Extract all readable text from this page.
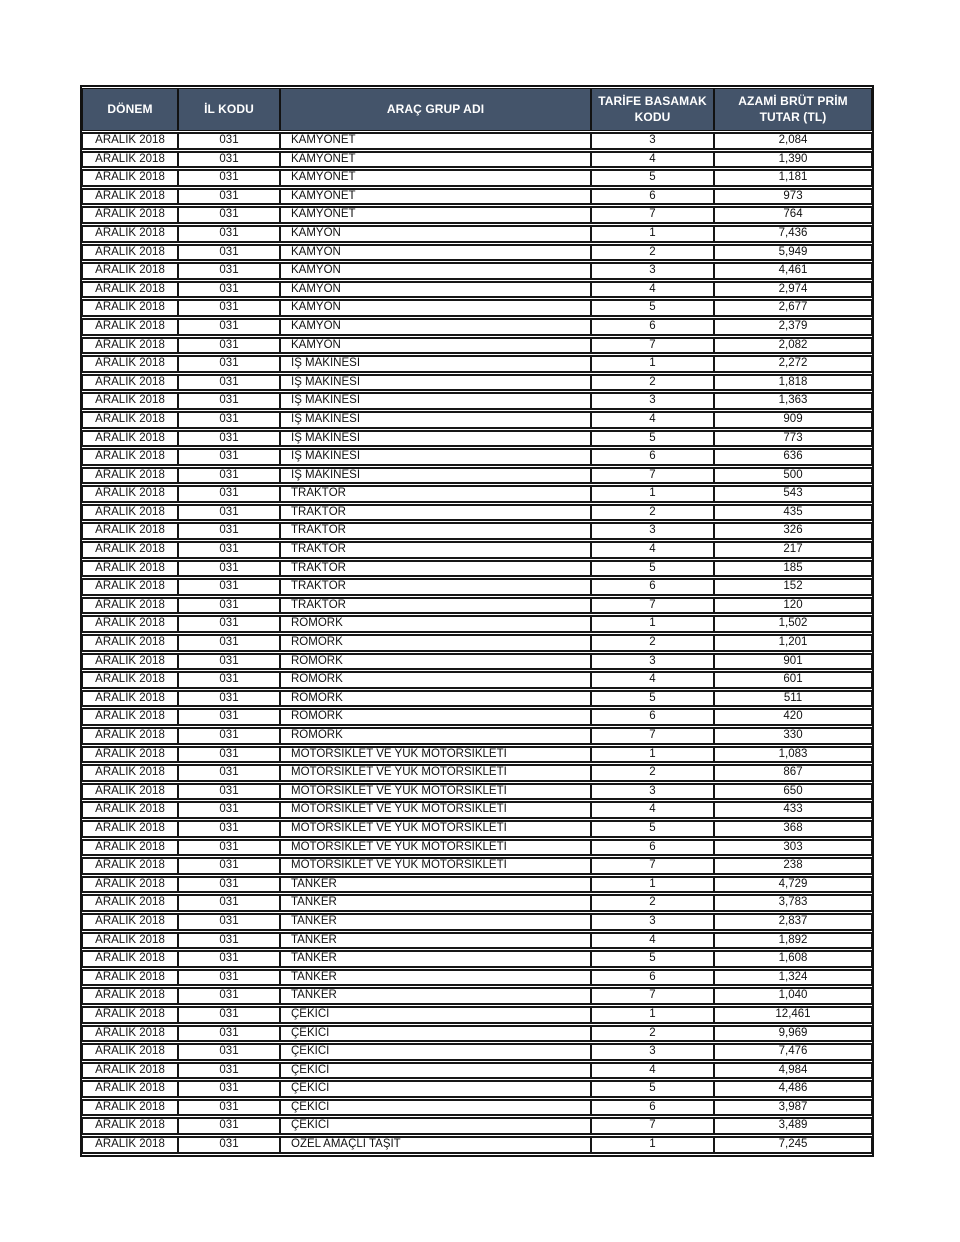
DÖNEM	İL KODU	ARAÇ GRUP ADI	TARİFE BASAMAK KODU	AZAMİ BRÜT PRİM TUTAR (TL)
ARALIK 2018	031	KAMYONET	3	2,084
ARALIK 2018	031	KAMYONET	4	1,390
ARALIK 2018	031	KAMYONET	5	1,181
ARALIK 2018	031	KAMYONET	6	973
ARALIK 2018	031	KAMYONET	7	764
ARALIK 2018	031	KAMYON	1	7,436
ARALIK 2018	031	KAMYON	2	5,949
ARALIK 2018	031	KAMYON	3	4,461
ARALIK 2018	031	KAMYON	4	2,974
ARALIK 2018	031	KAMYON	5	2,677
ARALIK 2018	031	KAMYON	6	2,379
ARALIK 2018	031	KAMYON	7	2,082
ARALIK 2018	031	İŞ MAKİNESİ	1	2,272
ARALIK 2018	031	İŞ MAKİNESİ	2	1,818
ARALIK 2018	031	İŞ MAKİNESİ	3	1,363
ARALIK 2018	031	İŞ MAKİNESİ	4	909
ARALIK 2018	031	İŞ MAKİNESİ	5	773
ARALIK 2018	031	İŞ MAKİNESİ	6	636
ARALIK 2018	031	İŞ MAKİNESİ	7	500
ARALIK 2018	031	TRAKTÖR	1	543
ARALIK 2018	031	TRAKTÖR	2	435
ARALIK 2018	031	TRAKTÖR	3	326
ARALIK 2018	031	TRAKTÖR	4	217
ARALIK 2018	031	TRAKTÖR	5	185
ARALIK 2018	031	TRAKTÖR	6	152
ARALIK 2018	031	TRAKTÖR	7	120
ARALIK 2018	031	RÖMORK	1	1,502
ARALIK 2018	031	RÖMORK	2	1,201
ARALIK 2018	031	RÖMORK	3	901
ARALIK 2018	031	RÖMORK	4	601
ARALIK 2018	031	RÖMORK	5	511
ARALIK 2018	031	RÖMORK	6	420
ARALIK 2018	031	RÖMORK	7	330
ARALIK 2018	031	MOTORSİKLET VE YÜK MOTORSİKLETİ	1	1,083
ARALIK 2018	031	MOTORSİKLET VE YÜK MOTORSİKLETİ	2	867
ARALIK 2018	031	MOTORSİKLET VE YÜK MOTORSİKLETİ	3	650
ARALIK 2018	031	MOTORSİKLET VE YÜK MOTORSİKLETİ	4	433
ARALIK 2018	031	MOTORSİKLET VE YÜK MOTORSİKLETİ	5	368
ARALIK 2018	031	MOTORSİKLET VE YÜK MOTORSİKLETİ	6	303
ARALIK 2018	031	MOTORSİKLET VE YÜK MOTORSİKLETİ	7	238
ARALIK 2018	031	TANKER	1	4,729
ARALIK 2018	031	TANKER	2	3,783
ARALIK 2018	031	TANKER	3	2,837
ARALIK 2018	031	TANKER	4	1,892
ARALIK 2018	031	TANKER	5	1,608
ARALIK 2018	031	TANKER	6	1,324
ARALIK 2018	031	TANKER	7	1,040
ARALIK 2018	031	ÇEKİCİ	1	12,461
ARALIK 2018	031	ÇEKİCİ	2	9,969
ARALIK 2018	031	ÇEKİCİ	3	7,476
ARALIK 2018	031	ÇEKİCİ	4	4,984
ARALIK 2018	031	ÇEKİCİ	5	4,486
ARALIK 2018	031	ÇEKİCİ	6	3,987
ARALIK 2018	031	ÇEKİCİ	7	3,489
ARALIK 2018	031	ÖZEL AMAÇLI TAŞIT	1	7,245
